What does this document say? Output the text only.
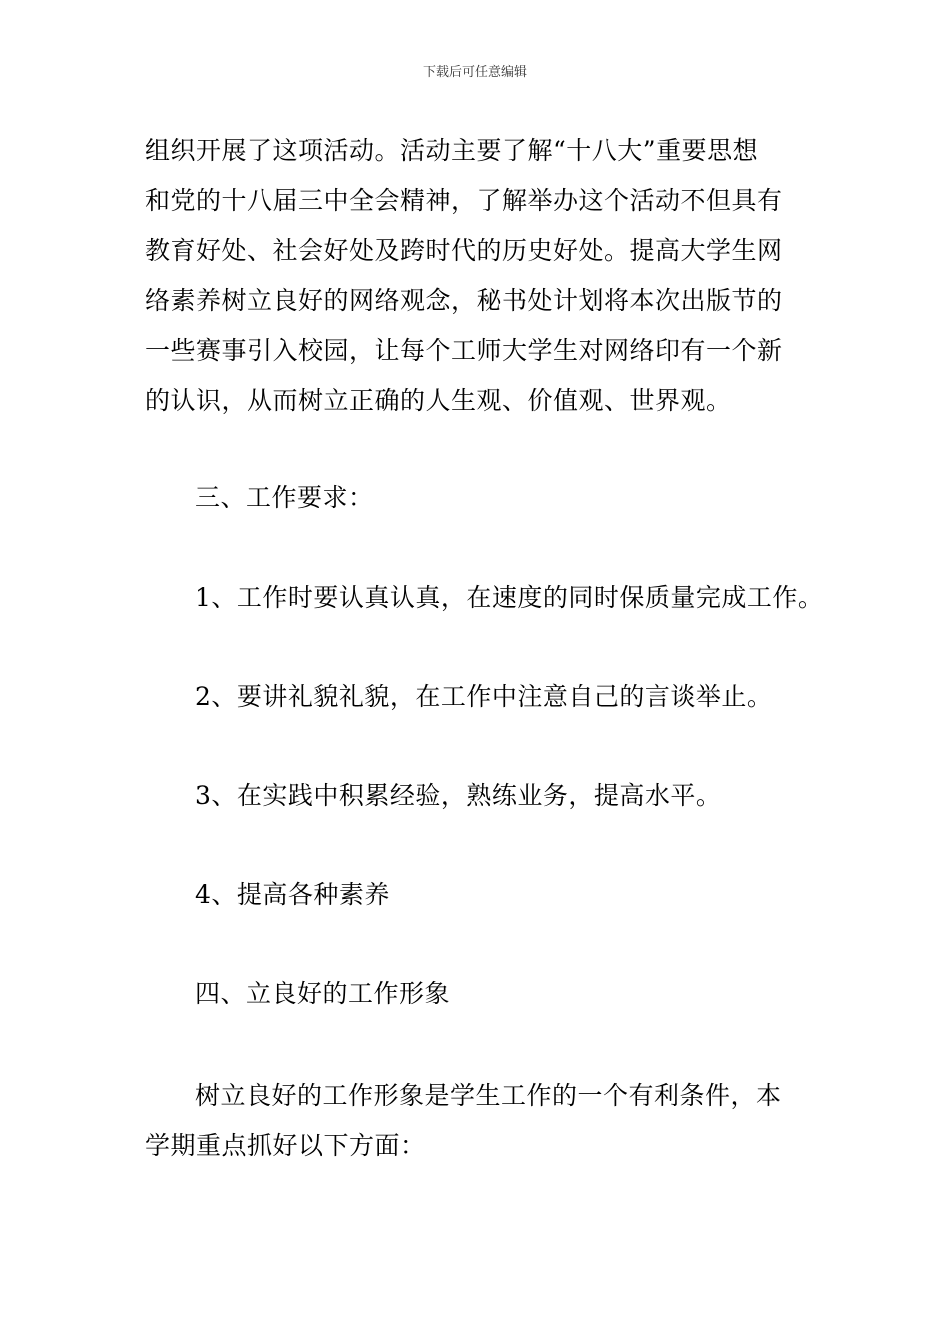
下载后可任意编辑
组织开展了这项活动。活动主要了解“十八大”重要思想
和党的十八届三中全会精神，了解举办这个活动不但具有
教育好处、社会好处及跨时代的历史好处。提高大学生网
络素养树立良好的网络观念，秘书处计划将本次出版节的
一些赛事引入校园，让每个工师大学生对网络印有一个新
的认识，从而树立正确的人生观、价值观、世界观。
三、工作要求：
1、工作时要认真认真，在速度的同时保质量完成工作。
2、要讲礼貌礼貌，在工作中注意自己的言谈举止。
3、在实践中积累经验，熟练业务，提高水平。
4、提高各种素养
四、立良好的工作形象
树立良好的工作形象是学生工作的一个有利条件，本
学期重点抓好以下方面：
